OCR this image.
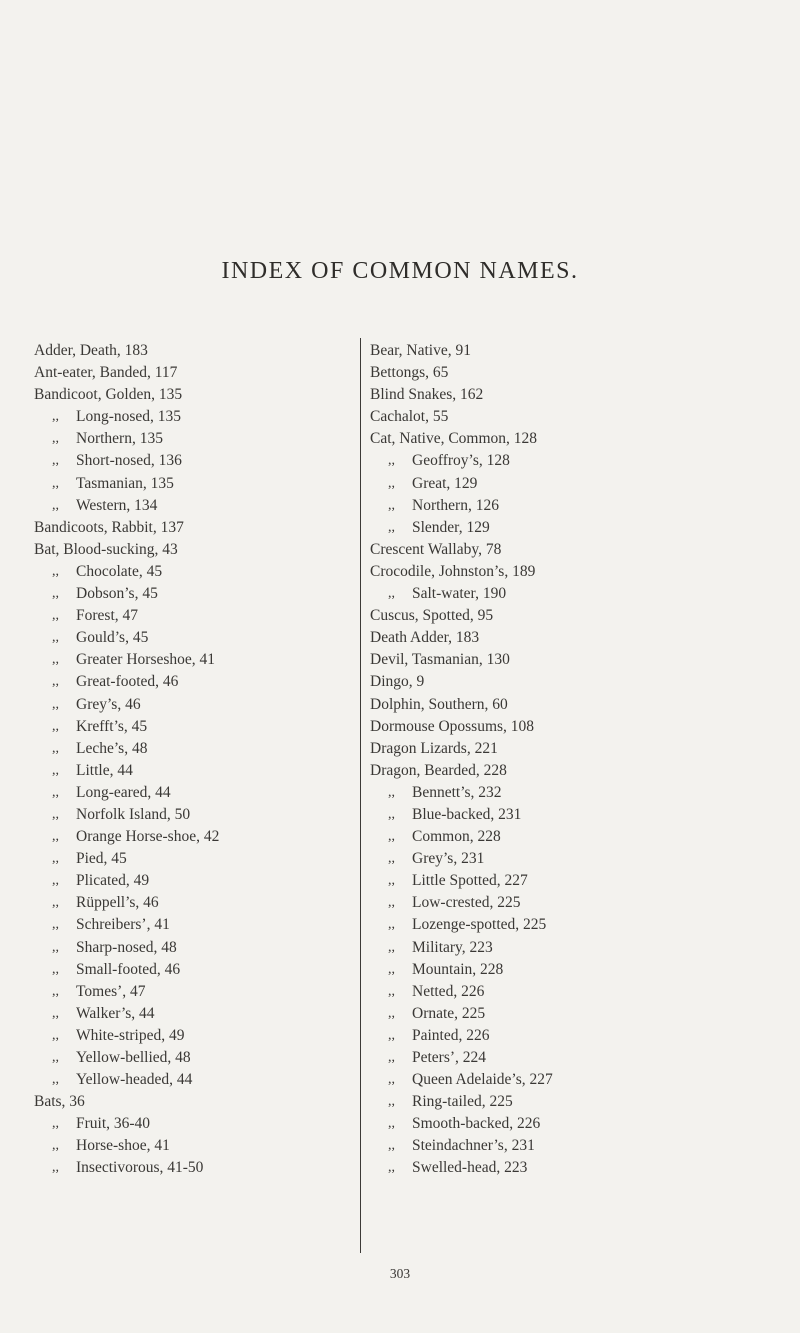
INDEX OF COMMON NAMES.
Adder, Death, 183
Ant-eater, Banded, 117
Bandicoot, Golden, 135
,, Long-nosed, 135
,, Northern, 135
,, Short-nosed, 136
,, Tasmanian, 135
,, Western, 134
Bandicoots, Rabbit, 137
Bat, Blood-sucking, 43
,, Chocolate, 45
,, Dobson’s, 45
,, Forest, 47
,, Gould’s, 45
,, Greater Horseshoe, 41
,, Great-footed, 46
,, Grey’s, 46
,, Krefft’s, 45
,, Leche’s, 48
,, Little, 44
,, Long-eared, 44
,, Norfolk Island, 50
,, Orange Horse-shoe, 42
,, Pied, 45
,, Plicated, 49
,, Rüppell’s, 46
,, Schreibers’, 41
,, Sharp-nosed, 48
,, Small-footed, 46
,, Tomes’, 47
,, Walker’s, 44
,, White-striped, 49
,, Yellow-bellied, 48
,, Yellow-headed, 44
Bats, 36
,, Fruit, 36-40
,, Horse-shoe, 41
,, Insectivorous, 41-50
Bear, Native, 91
Bettongs, 65
Blind Snakes, 162
Cachalot, 55
Cat, Native, Common, 128
,, Geoffroy’s, 128
,, Great, 129
,, Northern, 126
,, Slender, 129
Crescent Wallaby, 78
Crocodile, Johnston’s, 189
,, Salt-water, 190
Cuscus, Spotted, 95
Death Adder, 183
Devil, Tasmanian, 130
Dingo, 9
Dolphin, Southern, 60
Dormouse Opossums, 108
Dragon Lizards, 221
Dragon, Bearded, 228
,, Bennett’s, 232
,, Blue-backed, 231
,, Common, 228
,, Grey’s, 231
,, Little Spotted, 227
,, Low-crested, 225
,, Lozenge-spotted, 225
,, Military, 223
,, Mountain, 228
,, Netted, 226
,, Ornate, 225
,, Painted, 226
,, Peters’, 224
,, Queen Adelaide’s, 227
,, Ring-tailed, 225
,, Smooth-backed, 226
,, Steindachner’s, 231
,, Swelled-head, 223
303
